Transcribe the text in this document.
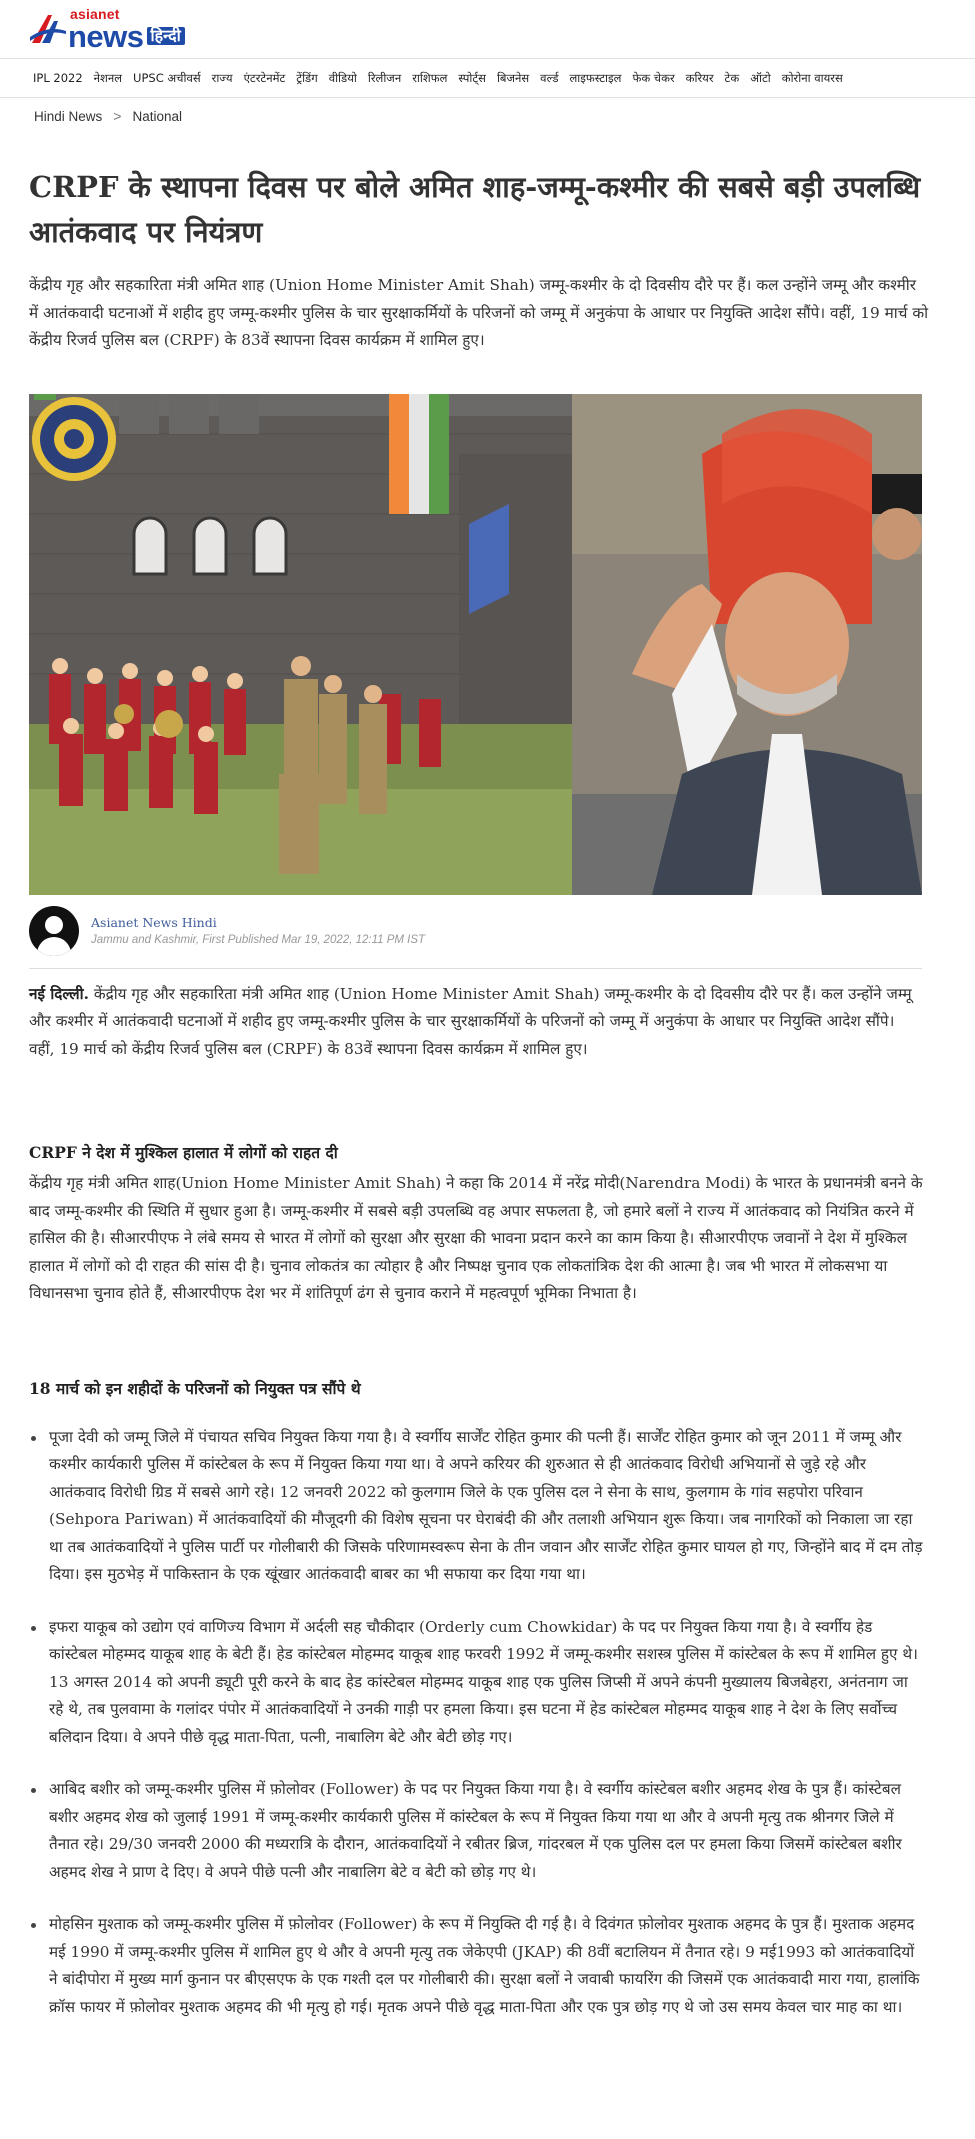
asianet
news हिन्दी
IPL 2022 नेशनल UPSC अचीवर्स राज्य एंटरटेनमेंट ट्रेंडिंग वीडियो रिलीजन राशिफल स्पोर्ट्स बिजनेस वर्ल्ड लाइफस्टाइल फेक चेकर करियर टेक ऑटो कोरोना वायरस
Hindi News > National
CRPF के स्थापना दिवस पर बोले अमित शाह-जम्मू-कश्मीर की सबसे बड़ी उपलब्धि आतंकवाद पर नियंत्रण

केंद्रीय गृह और सहकारिता मंत्री अमित शाह (Union Home Minister Amit Shah) जम्मू-कश्मीर के दो दिवसीय दौरे पर हैं। कल उन्होंने जम्मू और कश्मीर में आतंकवादी घटनाओं में शहीद हुए जम्मू-कश्मीर पुलिस के चार सुरक्षाकर्मियों के परिजनों को जम्मू में अनुकंपा के आधार पर नियुक्ति आदेश सौंपे। वहीं, 19 मार्च को केंद्रीय रिजर्व पुलिस बल (CRPF) के 83वें स्थापना दिवस कार्यक्रम में शामिल हुए।

Asianet News Hindi
Jammu and Kashmir, First Published Mar 19, 2022, 12:11 PM IST

नई दिल्ली. केंद्रीय गृह और सहकारिता मंत्री अमित शाह (Union Home Minister Amit Shah) जम्मू-कश्मीर के दो दिवसीय दौरे पर हैं। कल उन्होंने जम्मू और कश्मीर में आतंकवादी घटनाओं में शहीद हुए जम्मू-कश्मीर पुलिस के चार सुरक्षाकर्मियों के परिजनों को जम्मू में अनुकंपा के आधार पर नियुक्ति आदेश सौंपे। वहीं, 19 मार्च को केंद्रीय रिजर्व पुलिस बल (CRPF) के 83वें स्थापना दिवस कार्यक्रम में शामिल हुए।

CRPF ने देश में मुश्किल हालात में लोगों को राहत दी

केंद्रीय गृह मंत्री अमित शाह(Union Home Minister Amit Shah) ने कहा कि 2014 में नरेंद्र मोदी(Narendra Modi) के भारत के प्रधानमंत्री बनने के बाद जम्मू-कश्मीर की स्थिति में सुधार हुआ है। जम्मू-कश्मीर में सबसे बड़ी उपलब्धि वह अपार सफलता है, जो हमारे बलों ने राज्य में आतंकवाद को नियंत्रित करने में हासिल की है। सीआरपीएफ ने लंबे समय से भारत में लोगों को सुरक्षा और सुरक्षा की भावना प्रदान करने का काम किया है। सीआरपीएफ जवानों ने देश में मुश्किल हालात में लोगों को दी राहत की सांस दी है। चुनाव लोकतंत्र का त्योहार है और निष्पक्ष चुनाव एक लोकतांत्रिक देश की आत्मा है। जब भी भारत में लोकसभा या विधानसभा चुनाव होते हैं, सीआरपीएफ देश भर में शांतिपूर्ण ढंग से चुनाव कराने में महत्वपूर्ण भूमिका निभाता है।

18 मार्च को इन शहीदों के परिजनों को नियुक्त पत्र सौंपे थे
पूजा देवी को जम्मू जिले में पंचायत सचिव नियुक्त किया गया है। वे स्वर्गीय सार्जेंट रोहित कुमार की पत्नी हैं। सार्जेंट रोहित कुमार को जून 2011 में जम्मू और कश्मीर कार्यकारी पुलिस में कांस्टेबल के रूप में नियुक्त किया गया था। वे अपने करियर की शुरुआत से ही आतंकवाद विरोधी अभियानों से जुड़े रहे और आतंकवाद विरोधी ग्रिड में सबसे आगे रहे। 12 जनवरी 2022 को कुलगाम जिले के एक पुलिस दल ने सेना के साथ, कुलगाम के गांव सहपोरा परिवान (Sehpora Pariwan) में आतंकवादियों की मौजूदगी की विशेष सूचना पर घेराबंदी की और तलाशी अभियान शुरू किया। जब नागरिकों को निकाला जा रहा था तब आतंकवादियों ने पुलिस पार्टी पर गोलीबारी की जिसके परिणामस्वरूप सेना के तीन जवान और सार्जेंट रोहित कुमार घायल हो गए, जिन्होंने बाद में दम तोड़ दिया। इस मुठभेड़ में पाकिस्तान के एक खूंखार आतंकवादी बाबर का भी सफाया कर दिया गया था।
इफरा याकूब को उद्योग एवं वाणिज्य विभाग में अर्दली सह चौकीदार (Orderly cum Chowkidar) के पद पर नियुक्त किया गया है। वे स्वर्गीय हेड कांस्टेबल मोहम्मद याकूब शाह के बेटी हैं। हेड कांस्टेबल मोहम्मद याकूब शाह फरवरी 1992 में जम्मू-कश्मीर सशस्त्र पुलिस में कांस्टेबल के रूप में शामिल हुए थे। 13 अगस्त 2014 को अपनी ड्यूटी पूरी करने के बाद हेड कांस्टेबल मोहम्मद याकूब शाह एक पुलिस जिप्सी में अपने कंपनी मुख्यालय बिजबेहरा, अनंतनाग जा रहे थे, तब पुलवामा के गलांदर पंपोर में आतंकवादियों ने उनकी गाड़ी पर हमला किया। इस घटना में हेड कांस्टेबल मोहम्मद याकूब शाह ने देश के लिए सर्वोच्च बलिदान दिया। वे अपने पीछे वृद्ध माता-पिता, पत्नी, नाबालिग बेटे और बेटी छोड़ गए।
आबिद बशीर को जम्मू-कश्मीर पुलिस में फ़ोलोवर (Follower) के पद पर नियुक्त किया गया है। वे स्वर्गीय कांस्टेबल बशीर अहमद शेख के पुत्र हैं। कांस्टेबल बशीर अहमद शेख को जुलाई 1991 में जम्मू-कश्मीर कार्यकारी पुलिस में कांस्टेबल के रूप में नियुक्त किया गया था और वे अपनी मृत्यु तक श्रीनगर जिले में तैनात रहे। 29/30 जनवरी 2000 की मध्यरात्रि के दौरान, आतंकवादियों ने रबीतर ब्रिज, गांदरबल में एक पुलिस दल पर हमला किया जिसमें कांस्टेबल बशीर अहमद शेख ने प्राण दे दिए। वे अपने पीछे पत्नी और नाबालिग बेटे व बेटी को छोड़ गए थे।
मोहसिन मुश्ताक को जम्मू-कश्मीर पुलिस में फ़ोलोवर (Follower) के रूप में नियुक्ति दी गई है। वे दिवंगत फ़ोलोवर मुश्ताक अहमद के पुत्र हैं। मुश्ताक अहमद मई 1990 में जम्मू-कश्मीर पुलिस में शामिल हुए थे और वे अपनी मृत्यु तक जेकेएपी (JKAP) की 8वीं बटालियन में तैनात रहे। 9 मई1993 को आतंकवादियों ने बांदीपोरा में मुख्य मार्ग कुनान पर बीएसएफ के एक गश्ती दल पर गोलीबारी की। सुरक्षा बलों ने जवाबी फायरिंग की जिसमें एक आतंकवादी मारा गया, हालांकि क्रॉस फायर में फ़ोलोवर मुश्ताक अहमद की भी मृत्यु हो गई। मृतक अपने पीछे वृद्ध माता-पिता और एक पुत्र छोड़ गए थे जो उस समय केवल चार माह का था।
